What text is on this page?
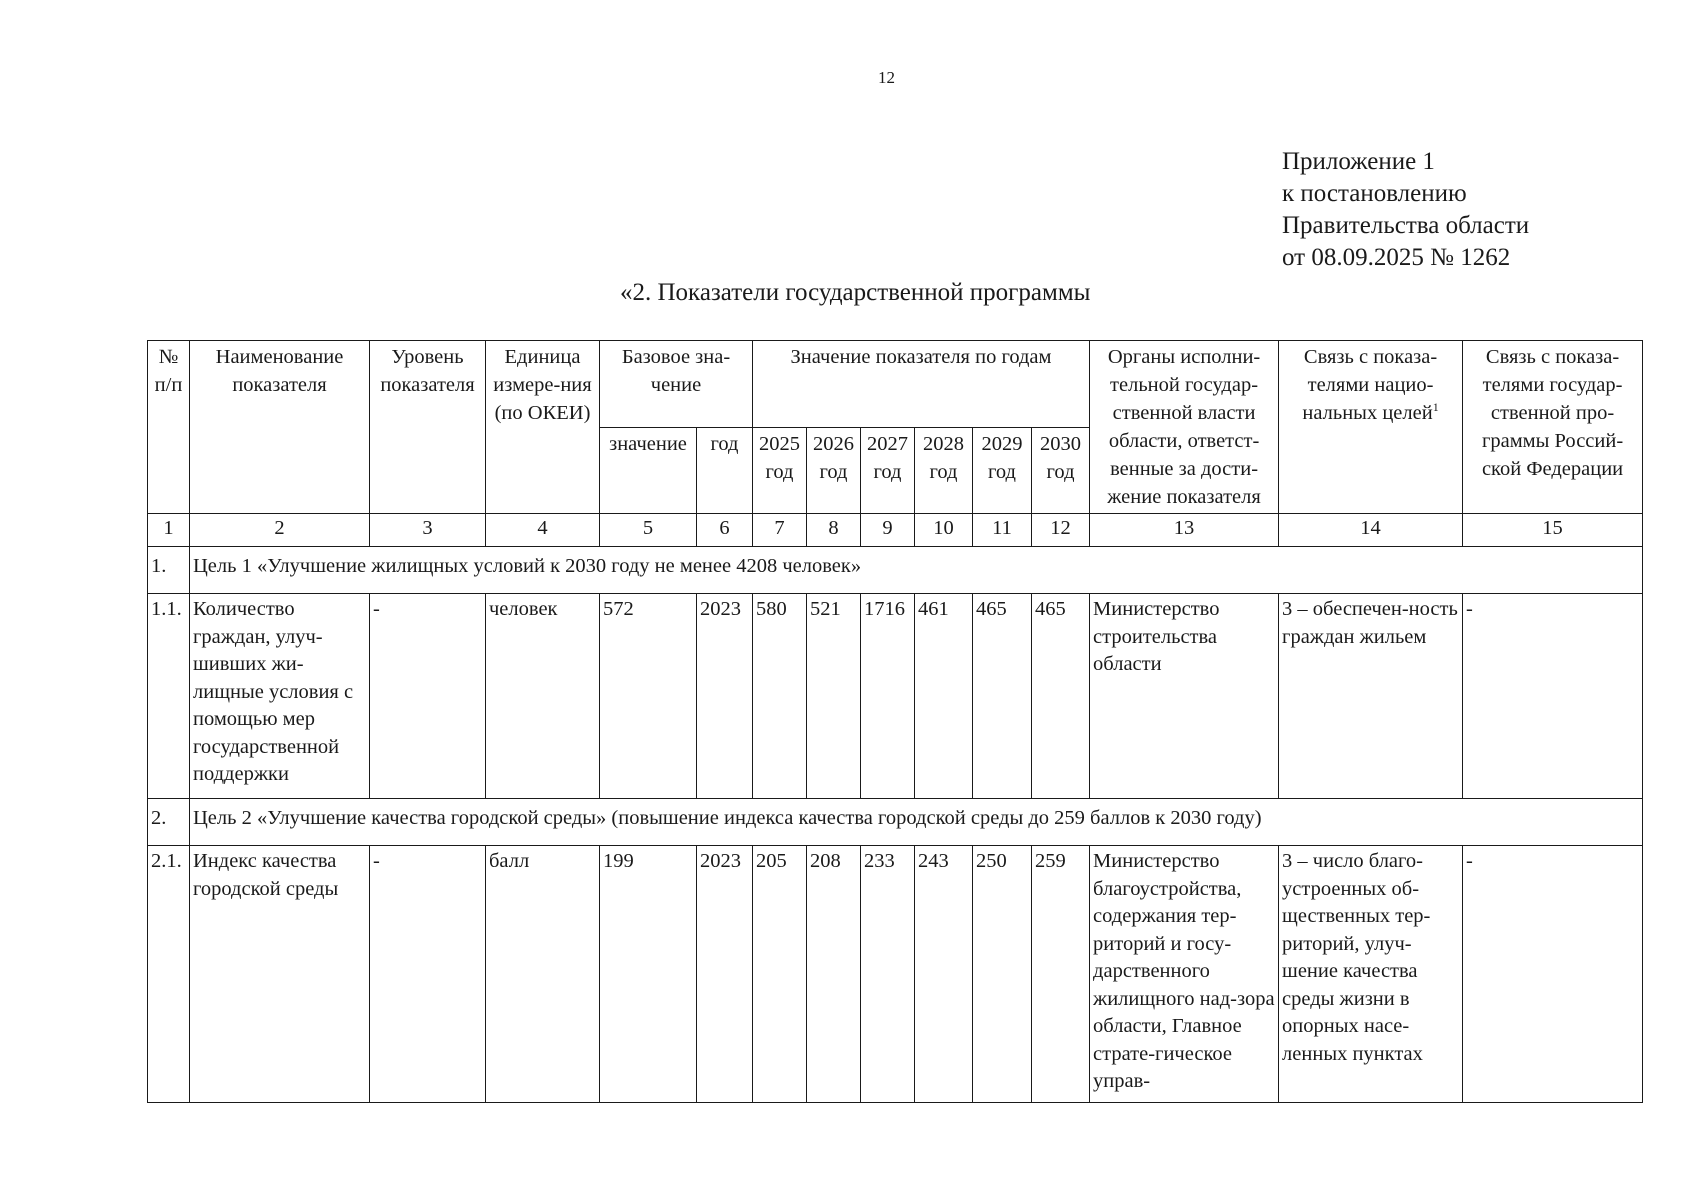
12
Приложение 1
к постановлению
Правительства области
от 08.09.2025 № 1262
«2. Показатели государственной программы
№ п/п	Наименование показателя	Уровень показателя	Единица измере-ния (по ОКЕИ)	Базовое зна-чение		Значение показателя по годам						Органы исполни-тельной государ-ственной власти области, ответст-венные за дости-жение показателя	Связь с показа-телями нацио-нальных целей$^1$	Связь с показа-телями государ-ственной про-граммы Россий-ской Федерации
				значение	год	2025 год	2026 год	2027 год	2028 год	2029 год	2030 год			
1	2	3	4	5	6	7	8	9	10	11	12	13	14	15
1.	Цель 1 «Улучшение жилищных условий к 2030 году не менее 4208 человек»													
1.1.	Количество граждан, улуч-шивших жи-лищные условия с помощью мер государственной поддержки	-	человек	572	2023	580	521	1716	461	465	465	Министерство строительства области	3 – обеспечен-ность граждан жильем	-
2.	Цель 2 «Улучшение качества городской среды» (повышение индекса качества городской среды до 259 баллов к 2030 году)													
2.1.	Индекс качества городской среды	-	балл	199	2023	205	208	233	243	250	259	Министерство благоустройства, содержания тер-риторий и госу-дарственного жилищного над-зора области, Главное страте-гическое управ-	3 – число благо-устроенных об-щественных тер-риторий, улуч-шение качества среды жизни в опорных насе-ленных пунктах	-
